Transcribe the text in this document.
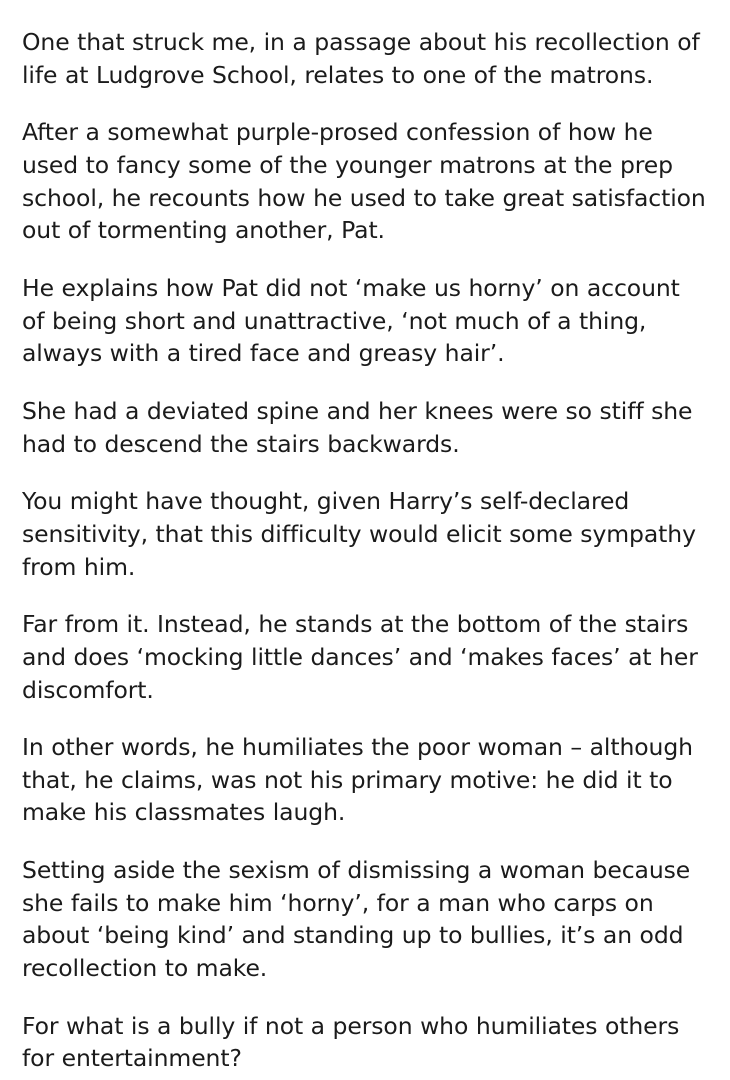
One that struck me, in a passage about his recollection of life at Ludgrove School, relates to one of the matrons.

After a somewhat purple-prosed confession of how he used to fancy some of the younger matrons at the prep school, he recounts how he used to take great satisfaction out of tormenting another, Pat.

He explains how Pat did not ‘make us horny’ on account of being short and unattractive, ‘not much of a thing, always with a tired face and greasy hair’.

She had a deviated spine and her knees were so stiff she had to descend the stairs backwards.

You might have thought, given Harry’s self-declared sensitivity, that this difficulty would elicit some sympathy from him.

Far from it. Instead, he stands at the bottom of the stairs and does ‘mocking little dances’ and ‘makes faces’ at her discomfort.

In other words, he humiliates the poor woman – although that, he claims, was not his primary motive: he did it to make his classmates laugh.

Setting aside the sexism of dismissing a woman because she fails to make him ‘horny’, for a man who carps on about ‘being kind’ and standing up to bullies, it’s an odd recollection to make.

For what is a bully if not a person who humiliates others for entertainment?
